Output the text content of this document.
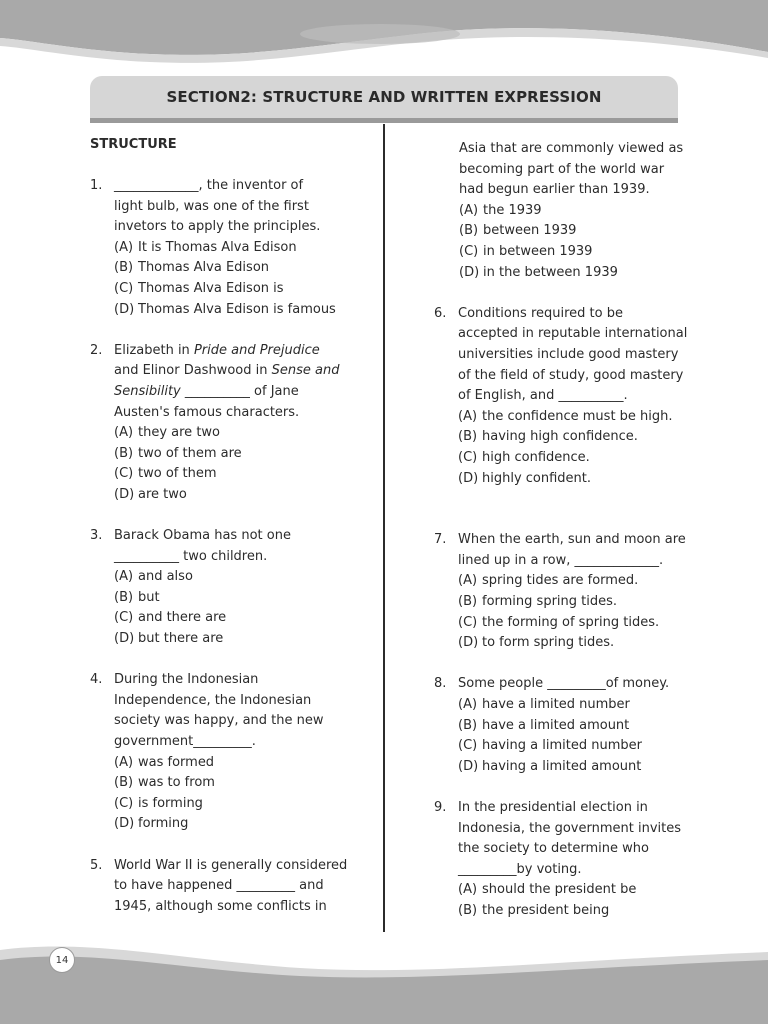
SECTION2: STRUCTURE AND WRITTEN EXPRESSION
STRUCTURE
1. _____________, the inventor of
light bulb, was one of the first
invetors to apply the principles.
(A) It is Thomas Alva Edison
(B) Thomas Alva Edison
(C) Thomas Alva Edison is
(D) Thomas Alva Edison is famous
2. Elizabeth in Pride and Prejudice
and Elinor Dashwood in Sense and
Sensibility __________ of Jane
Austen's famous characters.
(A) they are two
(B) two of them are
(C) two of them
(D) are two
3. Barack Obama has not one
__________ two children.
(A) and also
(B) but
(C) and there are
(D) but there are
4. During the Indonesian
Independence, the Indonesian
society was happy, and the new
government_________.
(A) was formed
(B) was to from
(C) is forming
(D) forming
5. World War II is generally considered
to have happened _________ and
1945, although some conflicts in
Asia that are commonly viewed as
becoming part of the world war
had begun earlier than 1939.
(A) the 1939
(B) between 1939
(C) in between 1939
(D) in the between 1939
6. Conditions required to be
accepted in reputable international
universities include good mastery
of the field of study, good mastery
of English, and __________.
(A) the confidence must be high.
(B) having high confidence.
(C) high confidence.
(D) highly confident.
7. When the earth, sun and moon are
lined up in a row, _____________.
(A) spring tides are formed.
(B) forming spring tides.
(C) the forming of spring tides.
(D) to form spring tides.
8. Some people _________of money.
(A) have a limited number
(B) have a limited amount
(C) having a limited number
(D) having a limited amount
9. In the presidential election in
Indonesia, the government invites
the society to determine who
_________by voting.
(A) should the president be
(B) the president being
14
